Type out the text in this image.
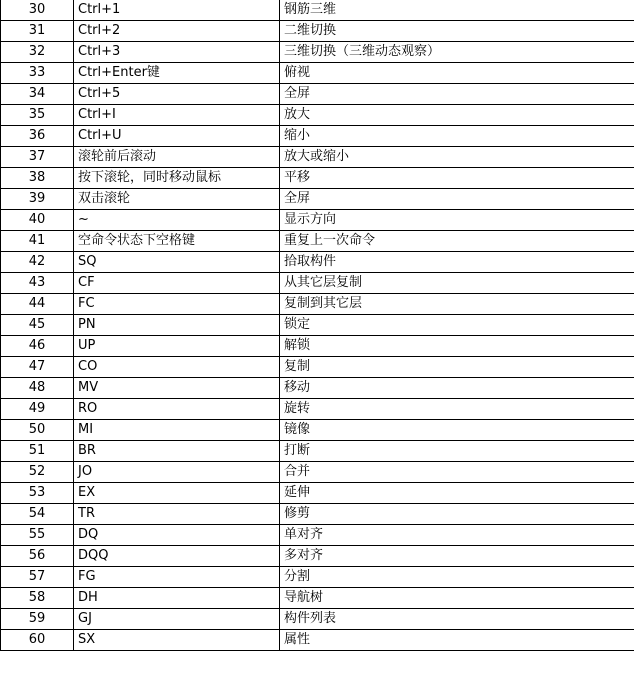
30	Ctrl+1	钢筋三维
31	Ctrl+2	二维切换
32	Ctrl+3	三维切换（三维动态观察）
33	Ctrl+Enter键	俯视
34	Ctrl+5	全屏
35	Ctrl+I	放大
36	Ctrl+U	缩小
37	滚轮前后滚动	放大或缩小
38	按下滚轮，同时移动鼠标	平移
39	双击滚轮	全屏
40	~	显示方向
41	空命令状态下空格键	重复上一次命令
42	SQ	拾取构件
43	CF	从其它层复制
44	FC	复制到其它层
45	PN	锁定
46	UP	解锁
47	CO	复制
48	MV	移动
49	RO	旋转
50	MI	镜像
51	BR	打断
52	JO	合并
53	EX	延伸
54	TR	修剪
55	DQ	单对齐
56	DQQ	多对齐
57	FG	分割
58	DH	导航树
59	GJ	构件列表
60	SX	属性
